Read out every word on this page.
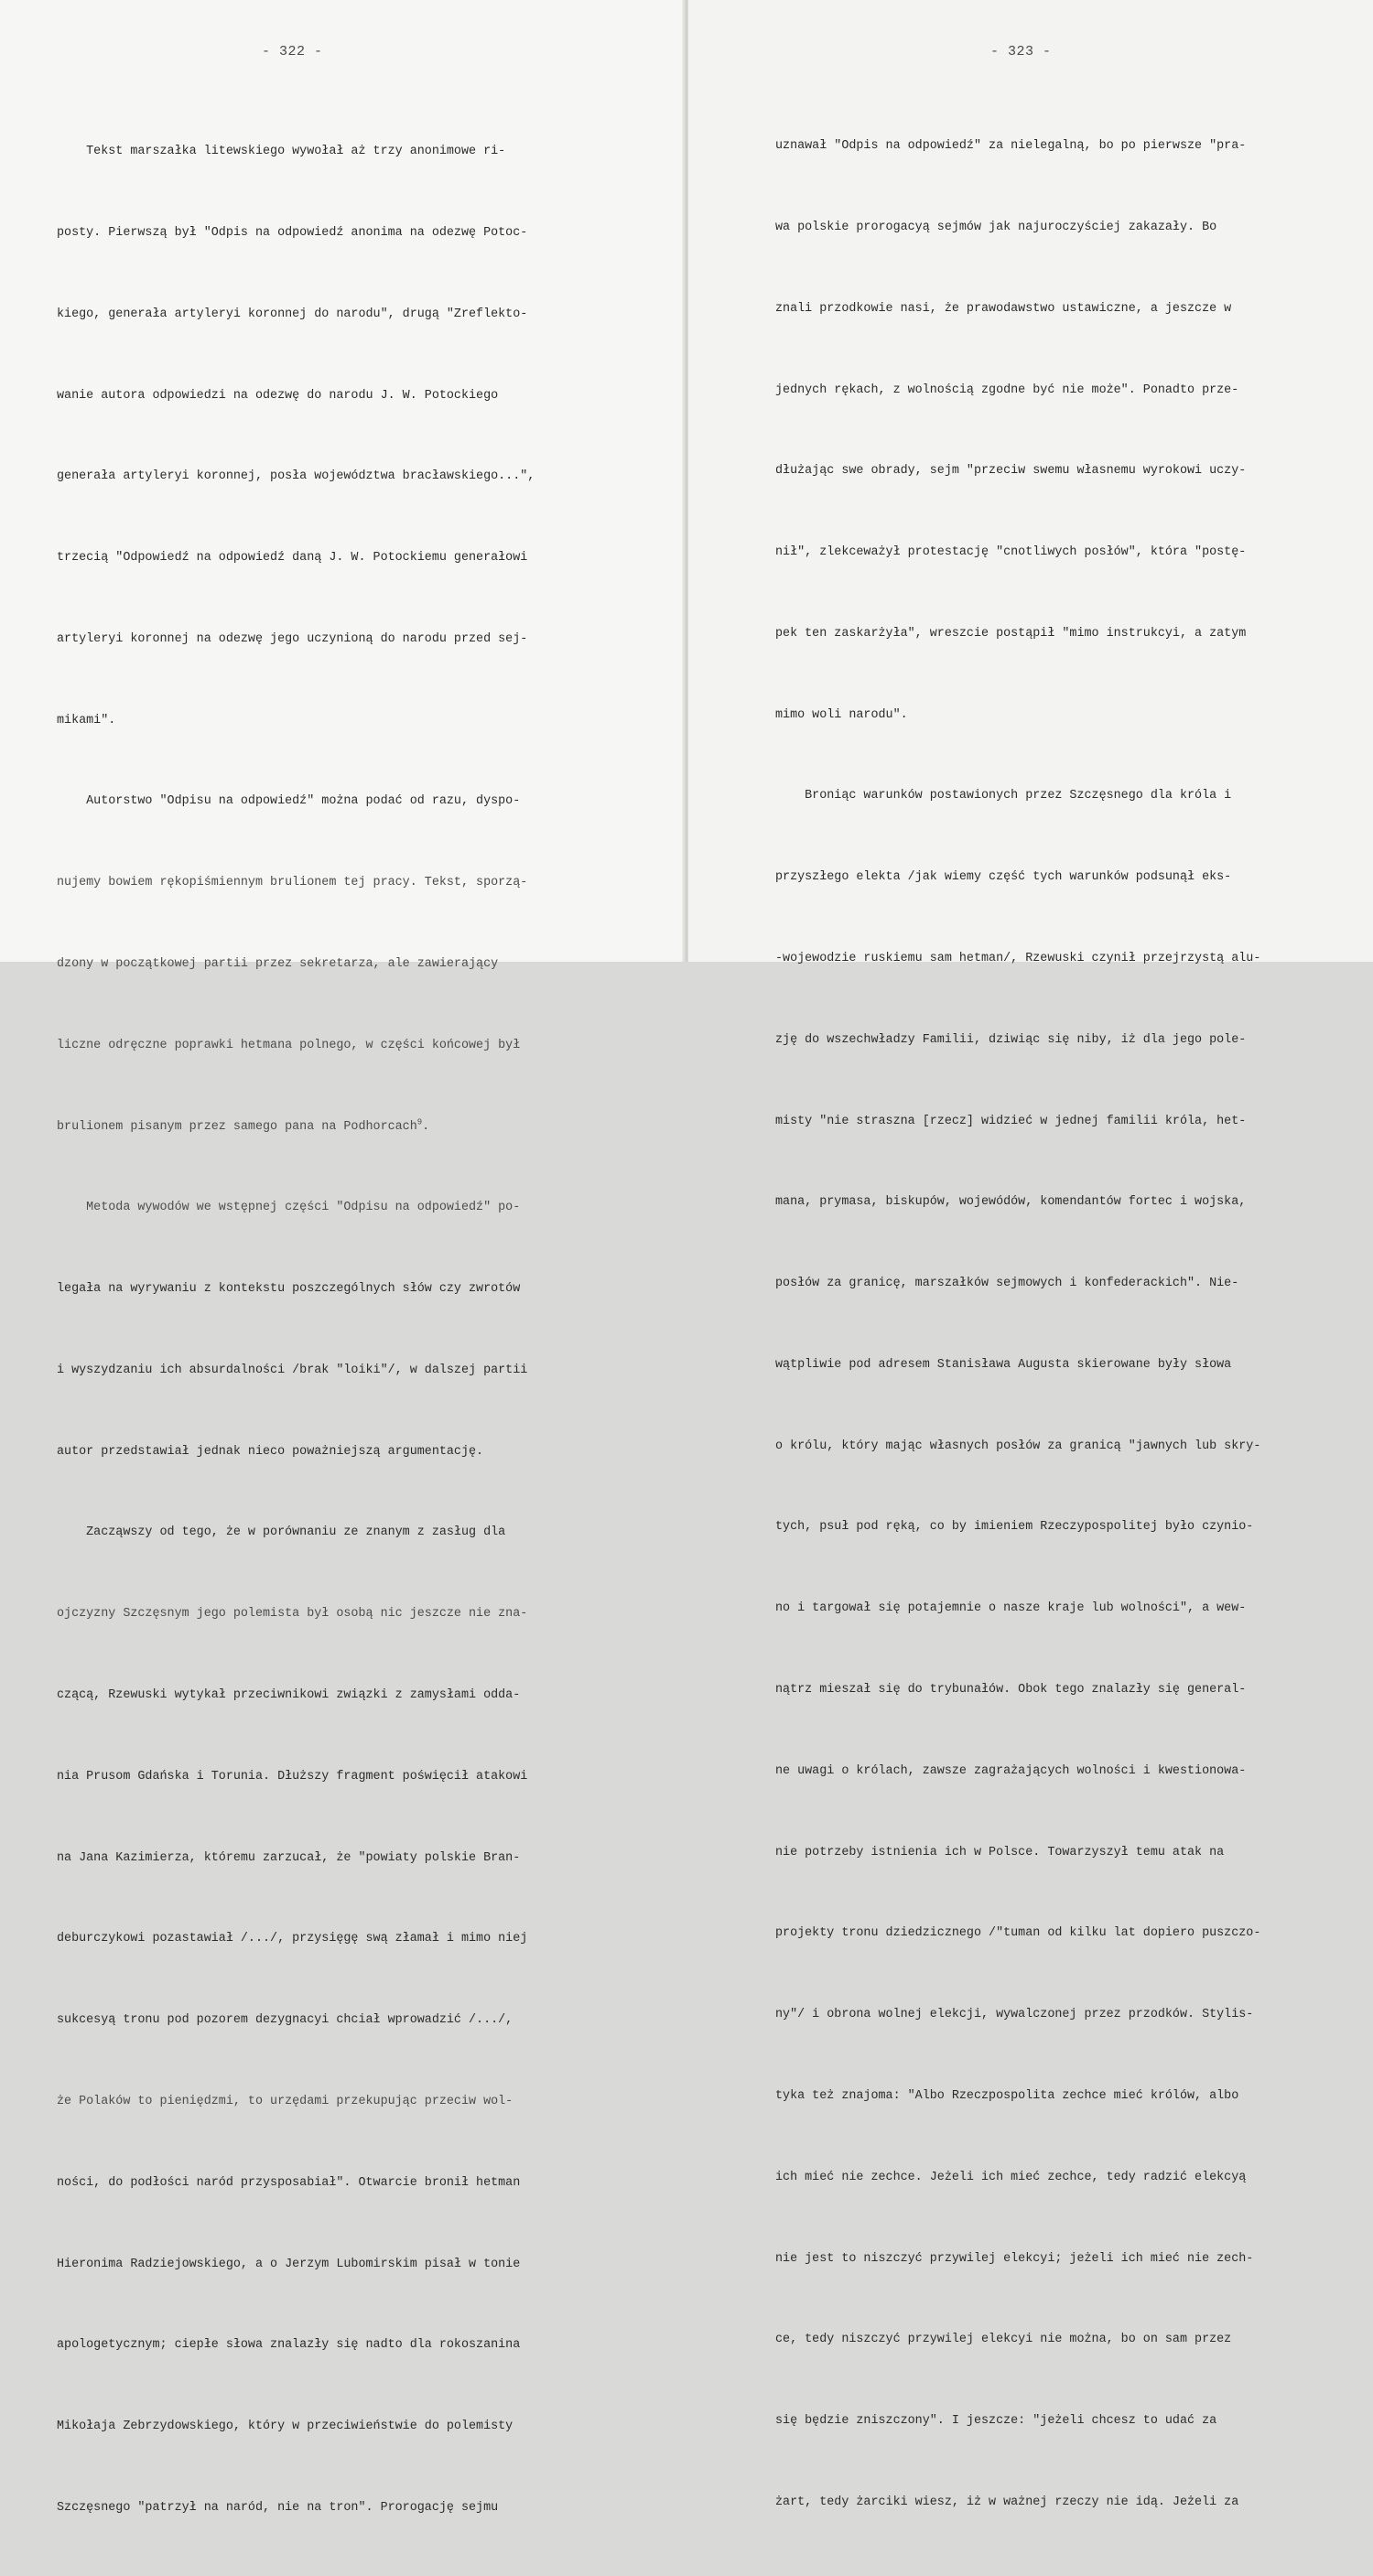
- 322 -

Tekst marszałka litewskiego wywołał aż trzy anonimowe ri-

posty. Pierwszą był "Odpis na odpowiedź anonima na odezwę Potoc-

kiego, generała artyleryi koronnej do narodu", drugą "Zreflekto-

wanie autora odpowiedzi na odezwę do narodu J. W. Potockiego

generała artyleryi koronnej, posła województwa bracławskiego...",

trzecią "Odpowiedź na odpowiedź daną J. W. Potockiemu generałowi

artyleryi koronnej na odezwę jego uczynioną do narodu przed sej-

mikami".

Autorstwo "Odpisu na odpowiedź" można podać od razu, dyspo-

nujemy bowiem rękopiśmiennym brulionem tej pracy. Tekst, sporzą-

dzony w początkowej partii przez sekretarza, ale zawierający

liczne odręczne poprawki hetmana polnego, w części końcowej był

brulionem pisanym przez samego pana na Podhorcach$^9$.

Metoda wywodów we wstępnej części "Odpisu na odpowiedź" po-

legała na wyrywaniu z kontekstu poszczególnych słów czy zwrotów

i wyszydzaniu ich absurdalności /brak "loiki"/, w dalszej partii

autor przedstawiał jednak nieco poważniejszą argumentację.

Zacząwszy od tego, że w porównaniu ze znanym z zasług dla

ojczyzny Szczęsnym jego polemista był osobą nic jeszcze nie zna-

czącą, Rzewuski wytykał przeciwnikowi związki z zamysłami odda-

nia Prusom Gdańska i Torunia. Dłuższy fragment poświęcił atakowi

na Jana Kazimierza, któremu zarzucał, że "powiaty polskie Bran-

deburczykowi pozastawiał /.../, przysięgę swą złamał i mimo niej

sukcesyą tronu pod pozorem dezygnacyi chciał wprowadzić /.../,

że Polaków to pieniędzmi, to urzędami przekupując przeciw wol-

ności, do podłości naród przysposabiał". Otwarcie bronił hetman

Hieronima Radziejowskiego, a o Jerzym Lubomirskim pisał w tonie

apologetycznym; ciepłe słowa znalazły się nadto dla rokoszanina

Mikołaja Zebrzydowskiego, który w przeciwieństwie do polemisty

Szczęsnego "patrzył na naród, nie na tron". Prorogację sejmu

- 323 -

uznawał "Odpis na odpowiedź" za nielegalną, bo po pierwsze "pra-

wa polskie prorogacyą sejmów jak najuroczyściej zakazały. Bo

znali przodkowie nasi, że prawodawstwo ustawiczne, a jeszcze w

jednych rękach, z wolnością zgodne być nie może". Ponadto prze-

dłużając swe obrady, sejm "przeciw swemu własnemu wyrokowi uczy-

nił", zlekceważył protestację "cnotliwych posłów", która "postę-

pek ten zaskarżyła", wreszcie postąpił "mimo instrukcyi, a zatym

mimo woli narodu".

Broniąc warunków postawionych przez Szczęsnego dla króla i

przyszłego elekta /jak wiemy część tych warunków podsunął eks-

-wojewodzie ruskiemu sam hetman/, Rzewuski czynił przejrzystą alu-

zję do wszechwładzy Familii, dziwiąc się niby, iż dla jego pole-

misty "nie straszna [rzecz] widzieć w jednej familii króla, het-

mana, prymasa, biskupów, wojewódów, komendantów fortec i wojska,

posłów za granicę, marszałków sejmowych i konfederackich". Nie-

wątpliwie pod adresem Stanisława Augusta skierowane były słowa

o królu, który mając własnych posłów za granicą "jawnych lub skry-

tych, psuł pod ręką, co by imieniem Rzeczypospolitej było czynio-

no i targował się potajemnie o nasze kraje lub wolności", a wew-

nątrz mieszał się do trybunałów. Obok tego znalazły się general-

ne uwagi o królach, zawsze zagrażających wolności i kwestionowa-

nie potrzeby istnienia ich w Polsce. Towarzyszył temu atak na

projekty tronu dziedzicznego /"tuman od kilku lat dopiero puszczo-

ny"/ i obrona wolnej elekcji, wywalczonej przez przodków. Stylis-

tyka też znajoma: "Albo Rzeczpospolita zechce mieć królów, albo

ich mieć nie zechce. Jeżeli ich mieć zechce, tedy radzić elekcyą

nie jest to niszczyć przywilej elekcyi; jeżeli ich mieć nie zech-

ce, tedy niszczyć przywilej elekcyi nie można, bo on sam przez

się będzie zniszczony". I jeszcze: "jeżeli chcesz to udać za

żart, tedy żarciki wiesz, iż w ważnej rzeczy nie idą. Jeżeli za
